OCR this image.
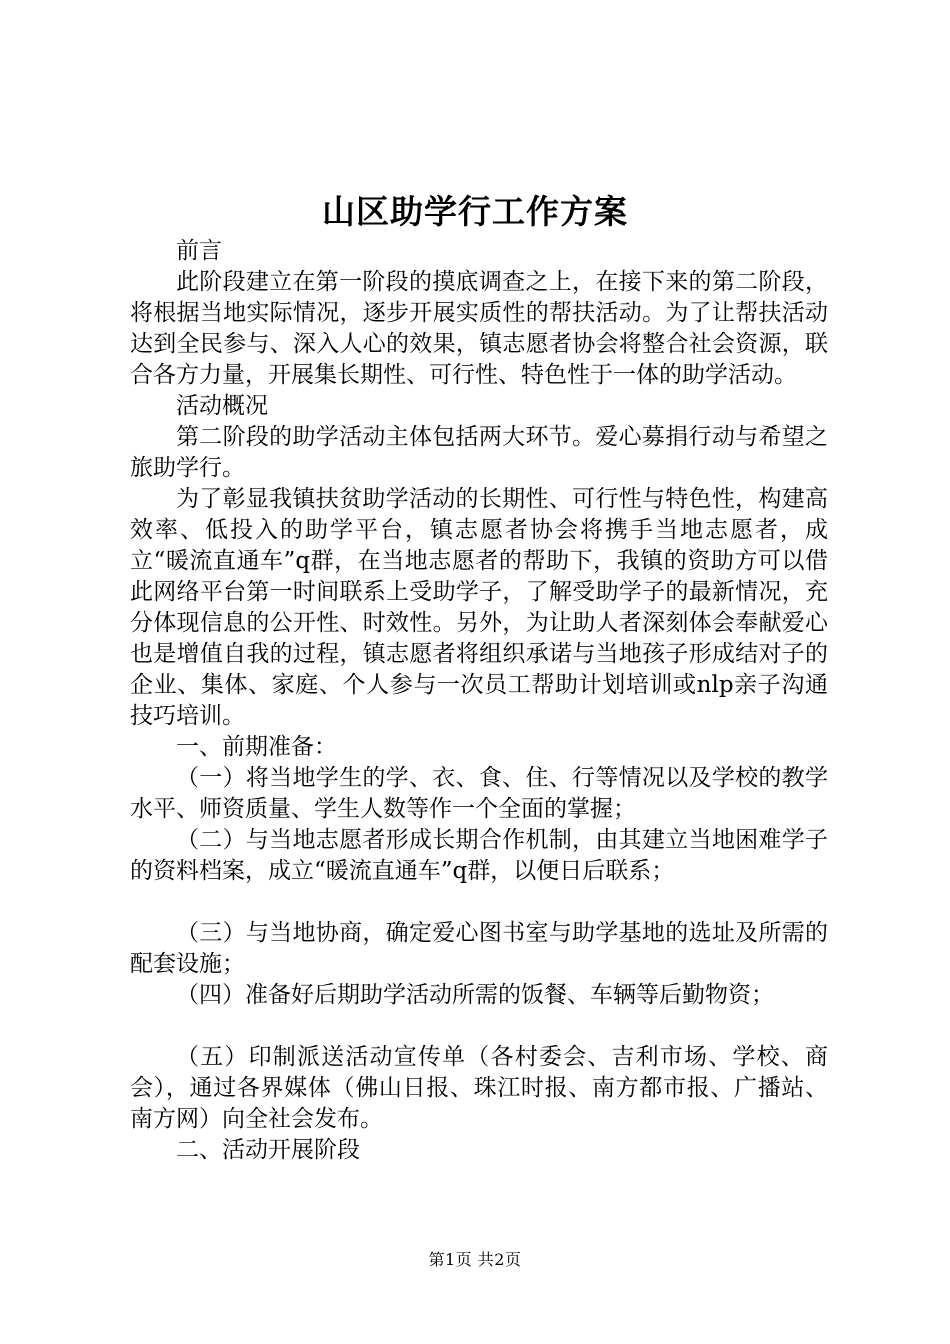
山区助学行工作方案

前言

此阶段建立在第一阶段的摸底调查之上，在接下来的第二阶段，将根据当地实际情况，逐步开展实质性的帮扶活动。为了让帮扶活动达到全民参与、深入人心的效果，镇志愿者协会将整合社会资源，联合各方力量，开展集长期性、可行性、特色性于一体的助学活动。

活动概况

第二阶段的助学活动主体包括两大环节。爱心募捐行动与希望之旅助学行。

为了彰显我镇扶贫助学活动的长期性、可行性与特色性，构建高效率、低投入的助学平台，镇志愿者协会将携手当地志愿者，成立“暖流直通车”q群，在当地志愿者的帮助下，我镇的资助方可以借此网络平台第一时间联系上受助学子，了解受助学子的最新情况，充分体现信息的公开性、时效性。另外，为让助人者深刻体会奉献爱心也是增值自我的过程，镇志愿者将组织承诺与当地孩子形成结对子的企业、集体、家庭、个人参与一次员工帮助计划培训或nlp亲子沟通技巧培训。

一、前期准备：

（一）将当地学生的学、衣、食、住、行等情况以及学校的教学水平、师资质量、学生人数等作一个全面的掌握；

（二）与当地志愿者形成长期合作机制，由其建立当地困难学子的资料档案，成立“暖流直通车”q群，以便日后联系；

（三）与当地协商，确定爱心图书室与助学基地的选址及所需的配套设施；

（四）准备好后期助学活动所需的饭餐、车辆等后勤物资；

（五）印制派送活动宣传单（各村委会、吉利市场、学校、商会），通过各界媒体（佛山日报、珠江时报、南方都市报、广播站、南方网）向全社会发布。

二、活动开展阶段

第1页 共2页
